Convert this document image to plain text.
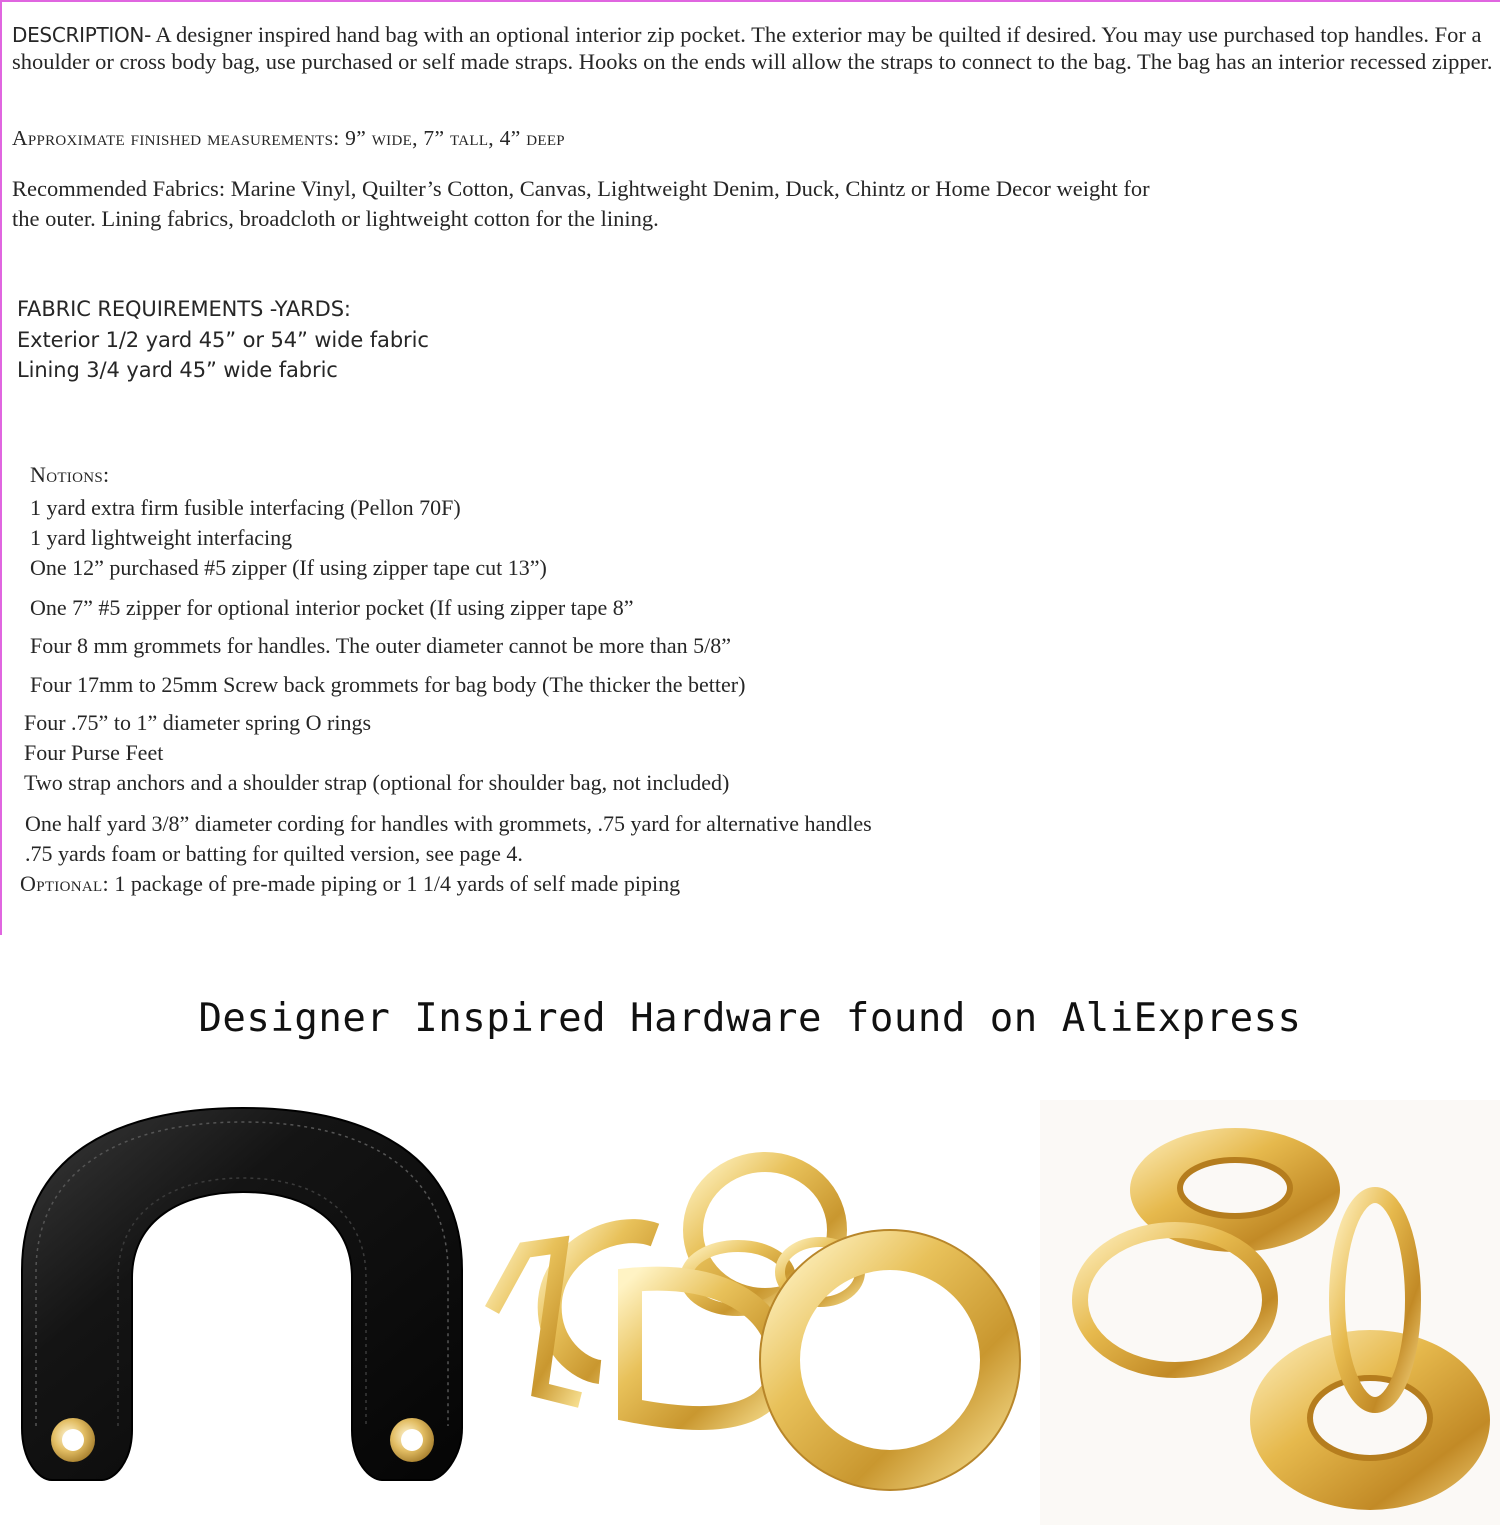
DESCRIPTION- A designer inspired hand bag with an optional interior zip pocket. The exterior may be quilted if desired. You may use purchased top handles. For a shoulder or cross body bag, use purchased or self made straps. Hooks on the ends will allow the straps to connect to the bag. The bag has an interior recessed zipper.
Approximate finished measurements: 9” wide, 7” tall, 4” deep
Recommended Fabrics: Marine Vinyl, Quilter’s Cotton, Canvas, Lightweight Denim, Duck, Chintz or Home Decor weight for
the outer. Lining fabrics, broadcloth or lightweight cotton for the lining.
FABRIC REQUIREMENTS -YARDS:
Exterior 1/2 yard 45” or 54” wide fabric
Lining 3/4 yard 45” wide fabric
Notions:
1 yard extra firm fusible interfacing (Pellon 70F)
1 yard lightweight interfacing
One 12” purchased #5 zipper (If using zipper tape cut 13”)
One 7” #5 zipper for optional interior pocket (If using zipper tape 8”
Four 8 mm grommets for handles. The outer diameter cannot be more than 5/8”
Four 17mm to 25mm Screw back grommets for bag body (The thicker the better)
Four .75” to 1” diameter spring O rings
Four Purse Feet
Two strap anchors and a shoulder strap (optional for shoulder bag, not included)
One half yard 3/8” diameter cording for handles with grommets, .75 yard for alternative handles
.75 yards foam or batting for quilted version, see page 4.
Optional: 1 package of pre-made piping or 1 1/4 yards of self made piping
Designer Inspired Hardware found on AliExpress
